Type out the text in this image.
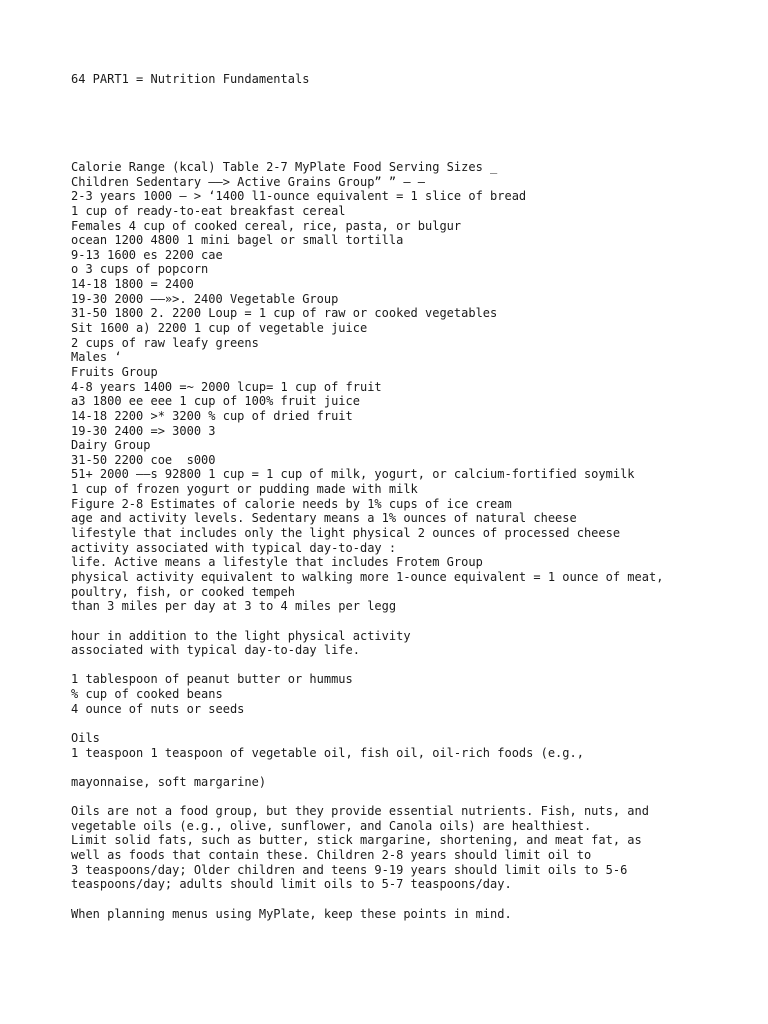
64 PART1 = Nutrition Fundamentals

Calorie Range (kcal) Table 2-7 MyPlate Food Serving Sizes _
Children Sedentary ——> Active Grains Group” ” — —
2-3 years 1000 — > ‘1400 l1-ounce equivalent = 1 slice of bread
1 cup of ready-to-eat breakfast cereal
Females 4 cup of cooked cereal, rice, pasta, or bulgur
ocean 1200 4800 1 mini bagel or small tortilla
9-13 1600 es 2200 cae
o 3 cups of popcorn
14-18 1800 = 2400
19-30 2000 ——»>. 2400 Vegetable Group
31-50 1800 2. 2200 Loup = 1 cup of raw or cooked vegetables
Sit 1600 a) 2200 1 cup of vegetable juice
2 cups of raw leafy greens
Males ‘
Fruits Group
4-8 years 1400 =~ 2000 lcup= 1 cup of fruit
a3 1800 ee eee 1 cup of 100% fruit juice
14-18 2200 >* 3200 % cup of dried fruit
19-30 2400 => 3000 3
Dairy Group
31-50 2200 coe  s000
51+ 2000 ——s 92800 1 cup = 1 cup of milk, yogurt, or calcium-fortified soymilk
1 cup of frozen yogurt or pudding made with milk
Figure 2-8 Estimates of calorie needs by 1% cups of ice cream
age and activity levels. Sedentary means a 1% ounces of natural cheese
lifestyle that includes only the light physical 2 ounces of processed cheese
activity associated with typical day-to-day :
life. Active means a lifestyle that includes Frotem Group
physical activity equivalent to walking more 1-ounce equivalent = 1 ounce of meat,
poultry, fish, or cooked tempeh
than 3 miles per day at 3 to 4 miles per legg
hour in addition to the light physical activity
associated with typical day-to-day life.
1 tablespoon of peanut butter or hummus
% cup of cooked beans
4 ounce of nuts or seeds
Oils
1 teaspoon 1 teaspoon of vegetable oil, fish oil, oil-rich foods (e.g.,
mayonnaise, soft margarine)
Oils are not a food group, but they provide essential nutrients. Fish, nuts, and
vegetable oils (e.g., olive, sunflower, and Canola oils) are healthiest.
Limit solid fats, such as butter, stick margarine, shortening, and meat fat, as
well as foods that contain these. Children 2-8 years should limit oil to
3 teaspoons/day; Older children and teens 9-19 years should limit oils to 5-6
teaspoons/day; adults should limit oils to 5-7 teaspoons/day.
When planning menus using MyPlate, keep these points in mind.
